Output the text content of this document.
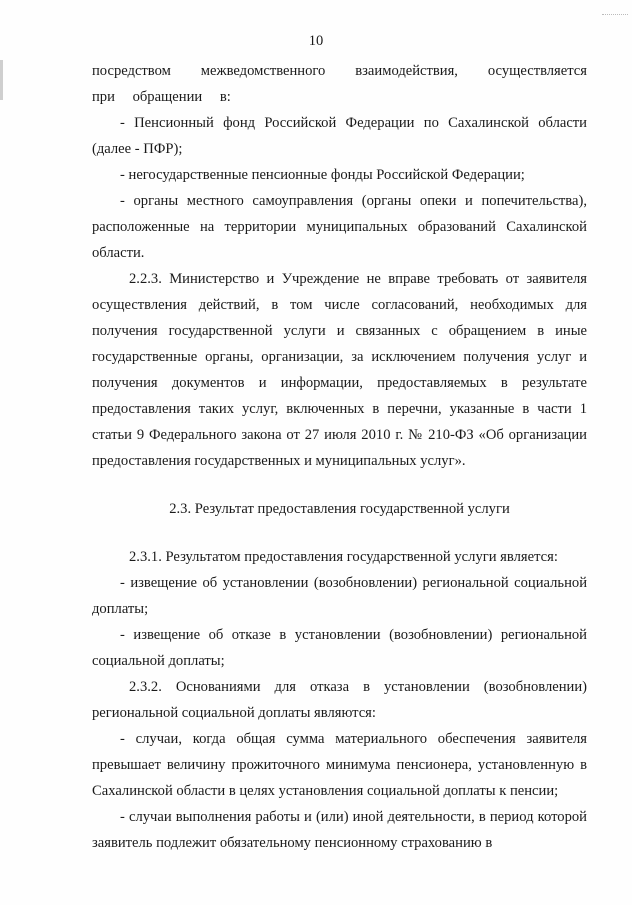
10

посредством межведомственного взаимодействия, осуществляется при обращении в:

- Пенсионный фонд Российской Федерации по Сахалинской области (далее - ПФР);

- негосударственные пенсионные фонды Российской Федерации;

- органы местного самоуправления (органы опеки и попечительства), расположенные на территории муниципальных образований Сахалинской области.

2.2.3. Министерство и Учреждение не вправе требовать от заявителя осуществления действий, в том числе согласований, необходимых для получения государственной услуги и связанных с обращением в иные государственные органы, организации, за исключением получения услуг и получения документов и информации, предоставляемых в результате предоставления таких услуг, включенных в перечни, указанные в части 1 статьи 9 Федерального закона от 27 июля 2010 г. № 210-ФЗ «Об организации предоставления государственных и муниципальных услуг».

2.3. Результат предоставления государственной услуги

2.3.1. Результатом предоставления государственной услуги является:

- извещение об установлении (возобновлении) региональной социальной доплаты;

- извещение об отказе в установлении (возобновлении) региональной социальной доплаты;

2.3.2. Основаниями для отказа в установлении (возобновлении) региональной социальной доплаты являются:

- случаи, когда общая сумма материального обеспечения заявителя превышает величину прожиточного минимума пенсионера, установленную в Сахалинской области в целях установления социальной доплаты к пенсии;

- случаи выполнения работы и (или) иной деятельности, в период которой заявитель подлежит обязательному пенсионному страхованию в
